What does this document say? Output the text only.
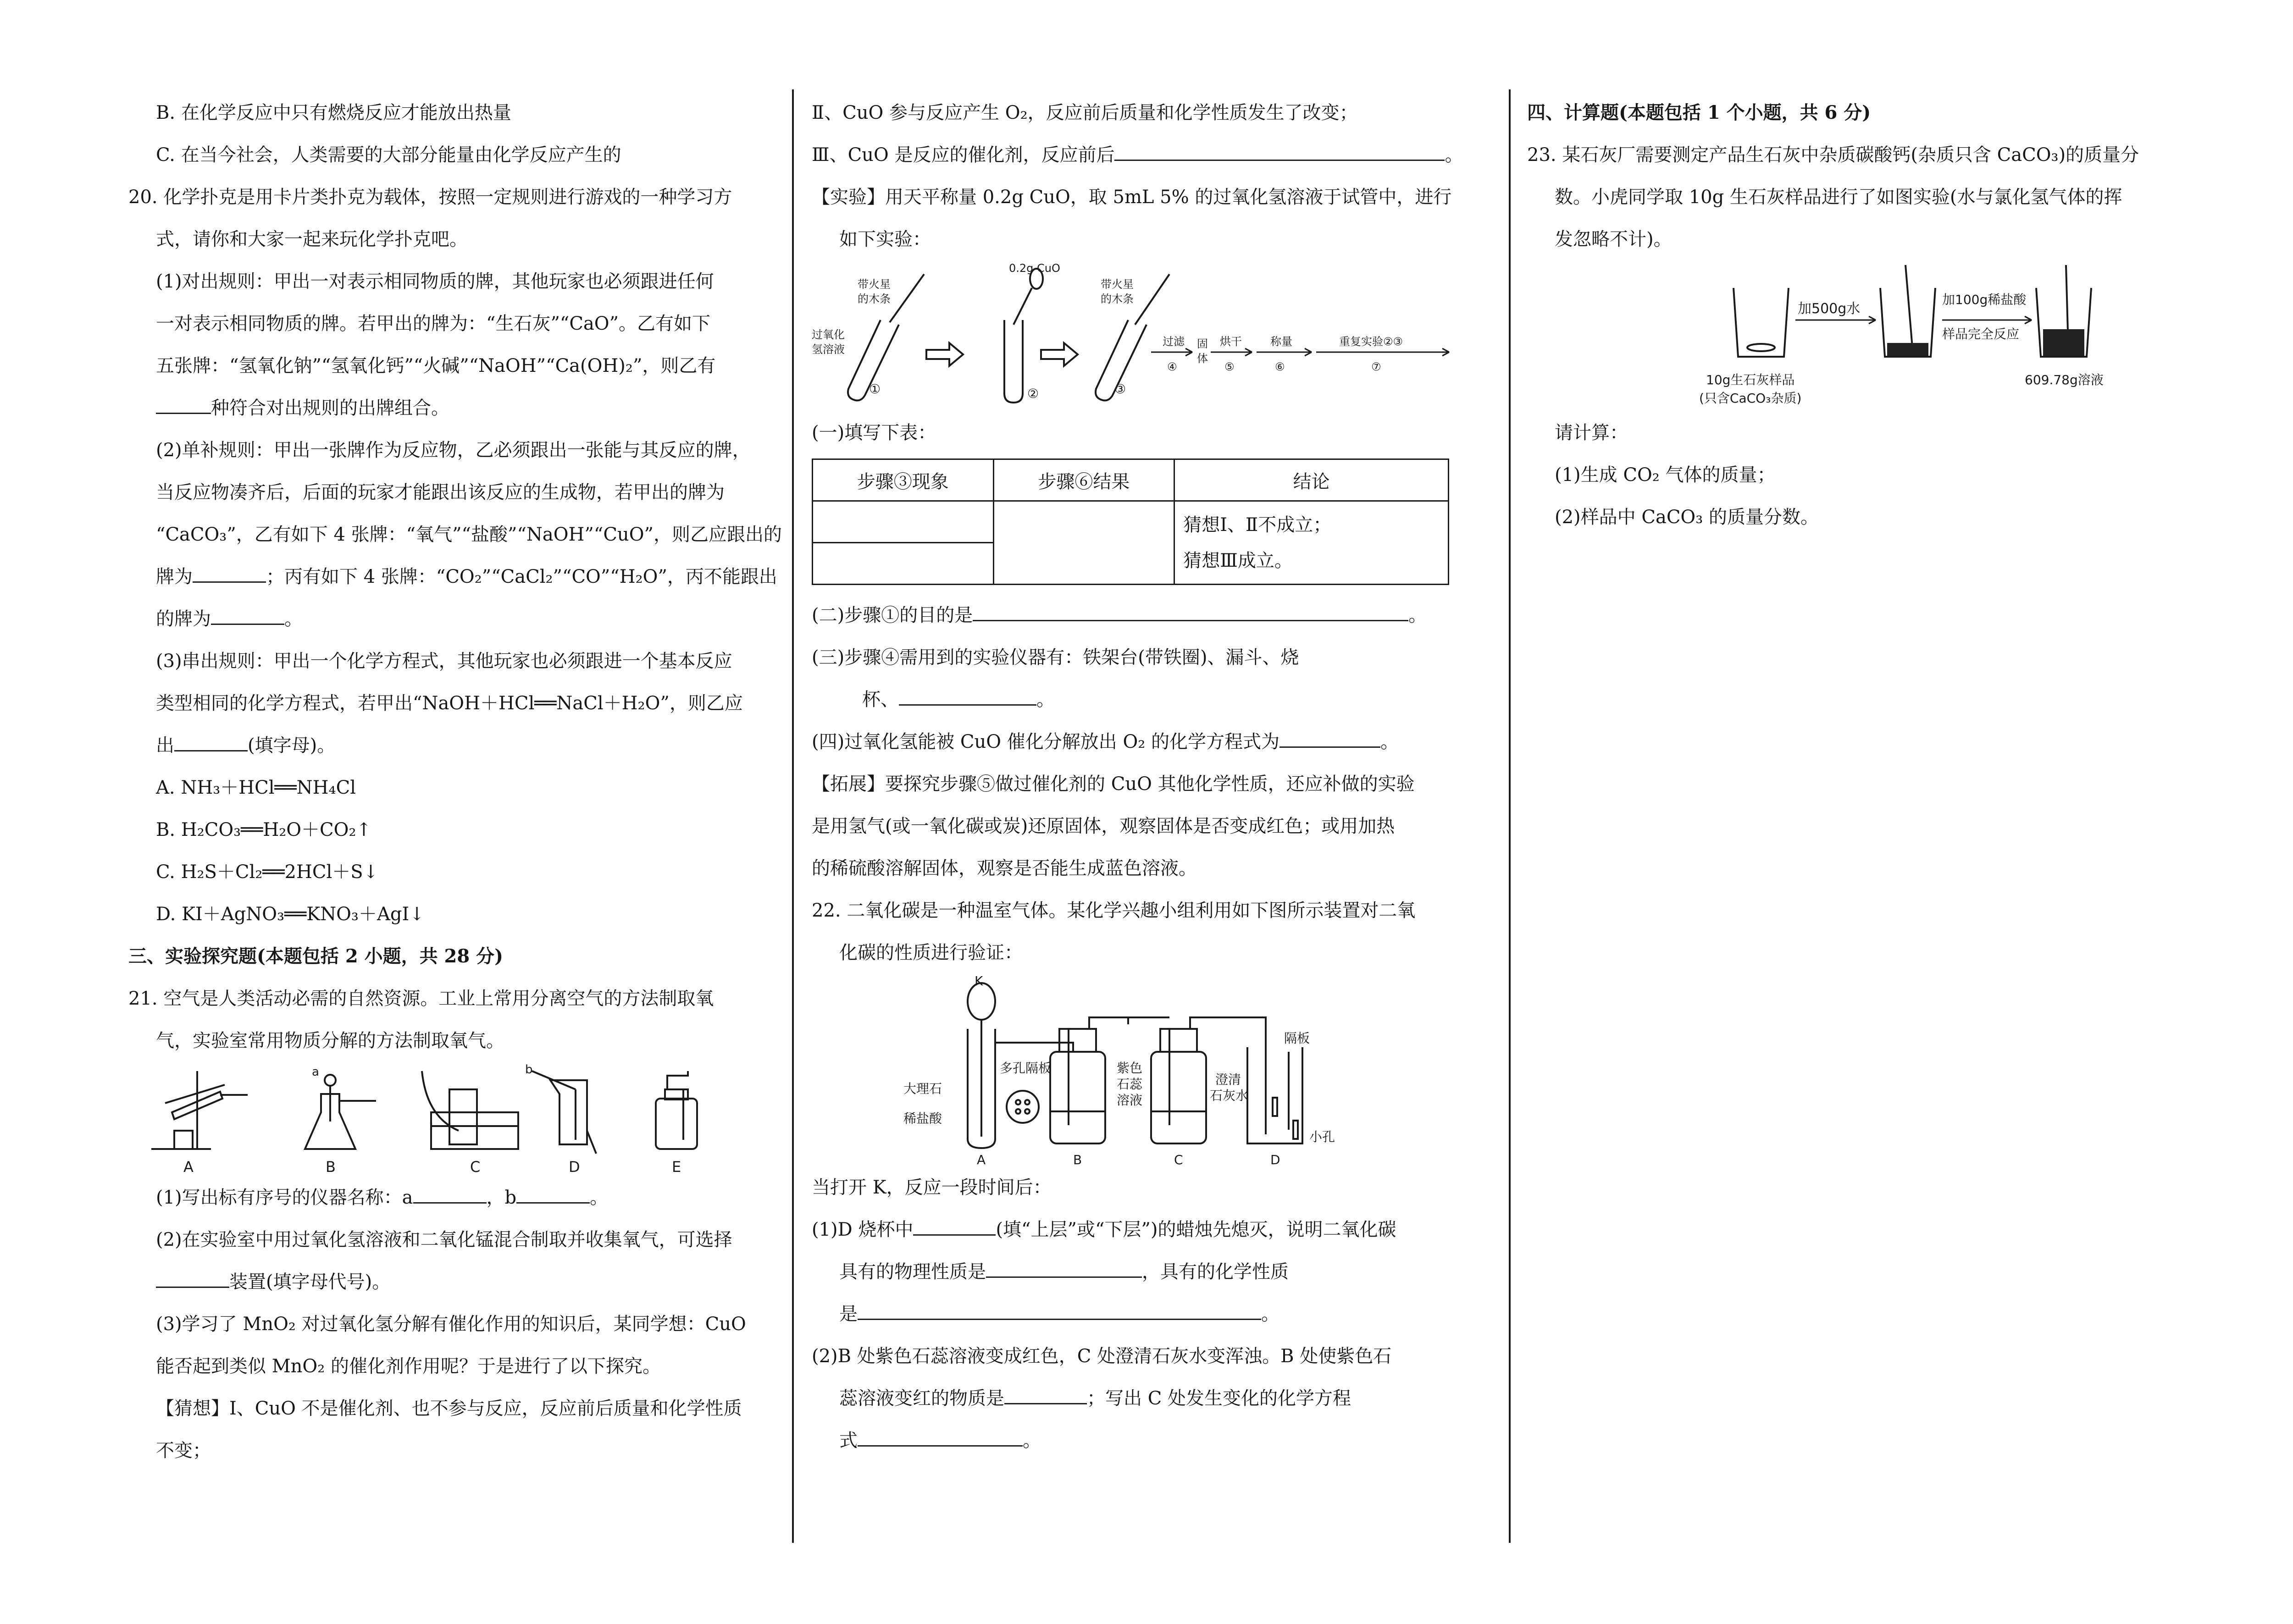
B. 在化学反应中只有燃烧反应才能放出热量
C. 在当今社会，人类需要的大部分能量由化学反应产生的
20. 化学扑克是用卡片类扑克为载体，按照一定规则进行游戏的一种学习方
式，请你和大家一起来玩化学扑克吧。
(1)对出规则：甲出一对表示相同物质的牌，其他玩家也必须跟进任何
一对表示相同物质的牌。若甲出的牌为：“生石灰”“CaO”。乙有如下
五张牌：“氢氧化钠”“氢氧化钙”“火碱”“NaOH”“Ca(OH)₂”，则乙有
种符合对出规则的出牌组合。
(2)单补规则：甲出一张牌作为反应物，乙必须跟出一张能与其反应的牌，
当反应物凑齐后，后面的玩家才能跟出该反应的生成物，若甲出的牌为
“CaCO₃”，乙有如下 4 张牌：“氧气”“盐酸”“NaOH”“CuO”，则乙应跟出的
牌为	；丙有如下 4 张牌：“CO₂”“CaCl₂”“CO”“H₂O”，丙不能跟出
的牌为	。
(3)串出规则：甲出一个化学方程式，其他玩家也必须跟进一个基本反应
类型相同的化学方程式，若甲出“NaOH＋HCl══NaCl＋H₂O”，则乙应
出	(填字母)。
A. NH₃＋HCl══NH₄Cl
B. H₂CO₃══H₂O＋CO₂↑
C. H₂S＋Cl₂══2HCl＋S↓
D. KI＋AgNO₃══KNO₃＋AgI↓
三、实验探究题(本题包括 2 小题，共 28 分)
21. 空气是人类活动必需的自然资源。工业上常用分离空气的方法制取氧
气，实验室常用物质分解的方法制取氧气。
A	B	C	D	E
a	b
(1)写出标有序号的仪器名称：a	，b	。
(2)在实验室中用过氧化氢溶液和二氧化锰混合制取并收集氧气，可选择
装置(填字母代号)。
(3)学习了 MnO₂ 对过氧化氢分解有催化作用的知识后，某同学想：CuO
能否起到类似 MnO₂ 的催化剂作用呢？于是进行了以下探究。
【猜想】Ⅰ、CuO 不是催化剂、也不参与反应，反应前后质量和化学性质
不变；
Ⅱ、CuO 参与反应产生 O₂，反应前后质量和化学性质发生了改变；
Ⅲ、CuO 是反应的催化剂，反应前后	。
【实验】用天平称量 0.2g CuO，取 5mL 5% 的过氧化氢溶液于试管中，进行
如下实验：
0.2g CuO
带火星
的木条
过氧化
氢溶液
带火星
的木条
①	②	③
过滤
④
固
体
烘干
⑤
称量
⑥
重复实验②③
⑦
(一)填写下表：
步骤③现象	步骤⑥结果	结论

		猜想Ⅰ、Ⅱ不成立；
猜想Ⅲ成立。

(二)步骤①的目的是	。
(三)步骤④需用到的实验仪器有：铁架台(带铁圈)、漏斗、烧
杯、	。
(四)过氧化氢能被 CuO 催化分解放出 O₂ 的化学方程式为	。
【拓展】要探究步骤⑤做过催化剂的 CuO 其他化学性质，还应补做的实验
是用氢气(或一氧化碳或炭)还原固体，观察固体是否变成红色；或用加热
的稀硫酸溶解固体，观察是否能生成蓝色溶液。
22. 二氧化碳是一种温室气体。某化学兴趣小组利用如下图所示装置对二氧
化碳的性质进行验证：
K
多孔隔板
大理石
稀盐酸
紫色
石蕊
溶液
澄清
石灰水
隔板
小孔
A	B	C	D
当打开 K，反应一段时间后：
(1)D 烧杯中	(填“上层”或“下层”)的蜡烛先熄灭，说明二氧化碳
具有的物理性质是	，具有的化学性质
是	。
(2)B 处紫色石蕊溶液变成红色，C 处澄清石灰水变浑浊。B 处使紫色石
蕊溶液变红的物质是	；写出 C 处发生变化的化学方程
式	。
四、计算题(本题包括 1 个小题，共 6 分)
23. 某石灰厂需要测定产品生石灰中杂质碳酸钙(杂质只含 CaCO₃)的质量分
数。小虎同学取 10g 生石灰样品进行了如图实验(水与氯化氢气体的挥
发忽略不计)。
加500g水
加100g稀盐酸
样品完全反应
10g生石灰样品
(只含CaCO₃杂质)
609.78g溶液
请计算：
(1)生成 CO₂ 气体的质量；
(2)样品中 CaCO₃ 的质量分数。
